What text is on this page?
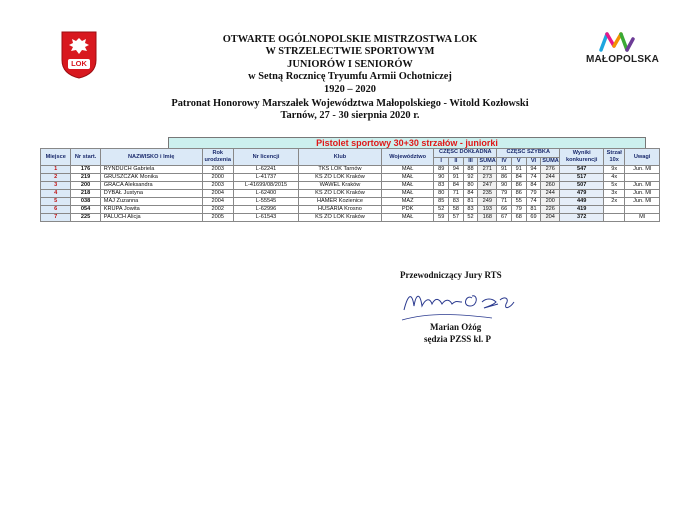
LOK	MAŁOPOLSKA
OTWARTE OGÓLNOPOLSKIE MISTRZOSTWA LOK
W STRZELECTWIE SPORTOWYM
JUNIORÓW I SENIORÓW
w Setną Rocznicę Tryumfu Armii Ochotniczej
1920 – 2020
Patronat Honorowy Marszałek Województwa Małopolskiego - Witold Kozłowski
Tarnów, 27 - 30 sierpnia 2020 r.
Pistolet sportowy 30+30 strzałów - juniorki
Miejsce	Nr start.	NAZWISKO i Imię	Rok urodzenia	Nr licencji	Klub	Województwo	CZĘŚĆ DOKŁADNA				CZĘŚĆ SZYBKA				Wyniki konkurencji	Strzał 10x	Uwagi
							I	II	III	SUMA	IV	V	VI	SUMA			
1	176	RYNDUCH Gabriela	2003	L-62241	TKS LOK Tarnów	MAŁ	89	94	88	271	91	91	94	276	547	9x	Jun. Ml
2	219	GRUSZCZAK Monika	2000	L-41737	KS ZO LOK Kraków	MAŁ	90	91	92	273	86	84	74	244	517	4x	
3	200	GRACA Aleksandra	2003	L-41699/08/2015	WAWEL Kraków	MAŁ	83	84	80	247	90	86	84	260	507	5x	Jun. Ml
4	218	DYBAŁ Justyna	2004	L-62400	KS ZO LOK Kraków	MAŁ	80	71	84	235	79	86	79	244	479	3x	Jun. Ml
5	038	MAJ Zuzanna	2004	L-55545	HAMER Kozienice	MAZ	85	83	81	249	71	55	74	200	449	2x	Jun. Ml
6	054	KRUPA Jowita	2002	L-62996	HUSARIA Krosno	PDK	52	58	83	193	66	79	81	226	419		
7	225	PALUCH Alicja	2005	L-61543	KS ZO LOK Kraków	MAŁ	59	57	52	168	67	68	69	204	372		Ml
Przewodniczący Jury RTS
Marian Ożóg
sędzia PZSS kl. P
